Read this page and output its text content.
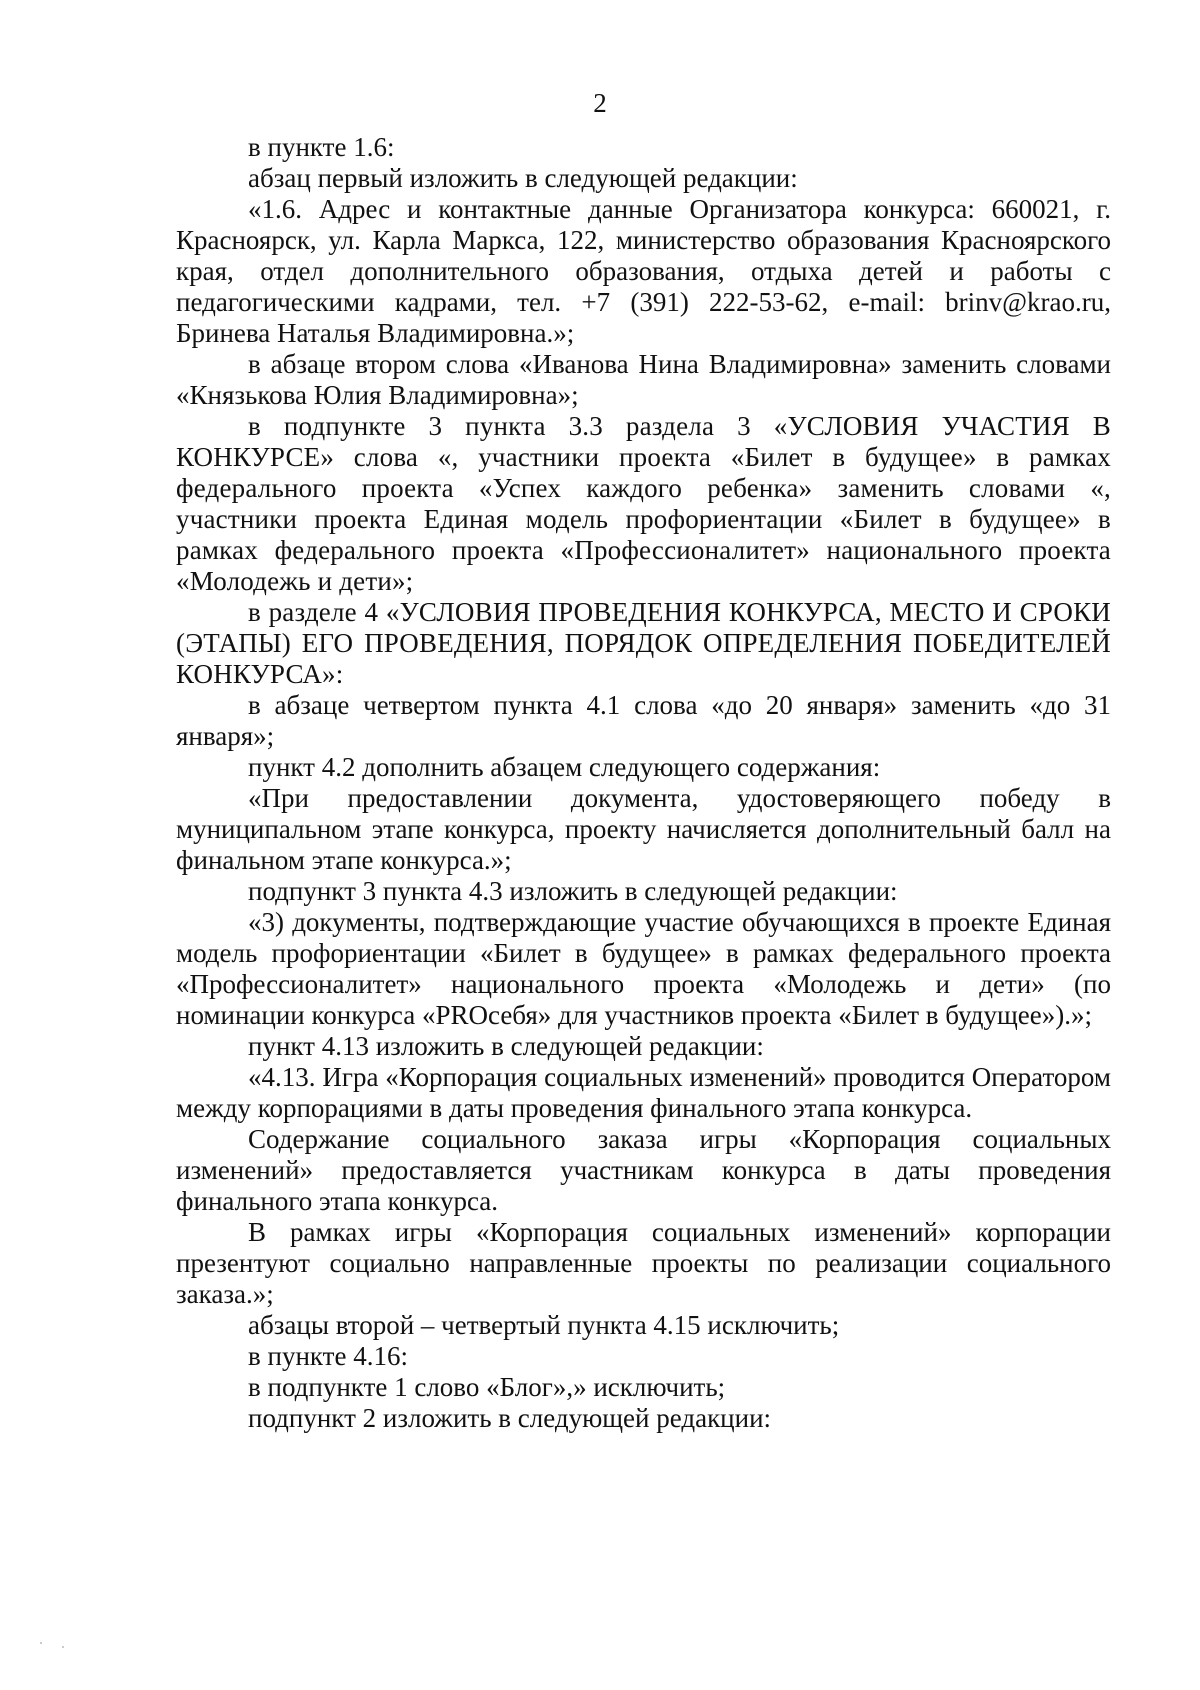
2

в пункте 1.6:

абзац первый изложить в следующей редакции:

«1.6. Адрес и контактные данные Организатора конкурса: 660021, г. Красноярск, ул. Карла Маркса, 122, министерство образования Красноярского края, отдел дополнительного образования, отдыха детей и работы с педагогическими кадрами, тел. +7 (391) 222-53-62, e-mail: brinv@krao.ru, Бринева Наталья Владимировна.»;

в абзаце втором слова «Иванова Нина Владимировна» заменить словами «Князькова Юлия Владимировна»;

в подпункте 3 пункта 3.3 раздела 3 «УСЛОВИЯ УЧАСТИЯ В КОНКУРСЕ» слова «, участники проекта «Билет в будущее» в рамках федерального проекта «Успех каждого ребенка» заменить словами «, участники проекта Единая модель профориентации «Билет в будущее» в рамках федерального проекта «Профессионалитет» национального проекта «Молодежь и дети»;

в разделе 4 «УСЛОВИЯ ПРОВЕДЕНИЯ КОНКУРСА, МЕСТО И СРОКИ (ЭТАПЫ) ЕГО ПРОВЕДЕНИЯ, ПОРЯДОК ОПРЕДЕЛЕНИЯ ПОБЕДИТЕЛЕЙ КОНКУРСА»:

в абзаце четвертом пункта 4.1 слова «до 20 января» заменить «до 31 января»;

пункт 4.2 дополнить абзацем следующего содержания:

«При предоставлении документа, удостоверяющего победу в муниципальном этапе конкурса, проекту начисляется дополнительный балл на финальном этапе конкурса.»;

подпункт 3 пункта 4.3 изложить в следующей редакции:

«3) документы, подтверждающие участие обучающихся в проекте Единая модель профориентации «Билет в будущее» в рамках федерального проекта «Профессионалитет» национального проекта «Молодежь и дети» (по номинации конкурса «PROсебя» для участников проекта «Билет в будущее»).»;

пункт 4.13 изложить в следующей редакции:

«4.13. Игра «Корпорация социальных изменений» проводится Оператором между корпорациями в даты проведения финального этапа конкурса.

Содержание социального заказа игры «Корпорация социальных изменений» предоставляется участникам конкурса в даты проведения финального этапа конкурса.

В рамках игры «Корпорация социальных изменений» корпорации презентуют социально направленные проекты по реализации социального заказа.»;

абзацы второй – четвертый пункта 4.15 исключить;

в пункте 4.16:

в подпункте 1 слово «Блог»,» исключить;

подпункт 2 изложить в следующей редакции:
